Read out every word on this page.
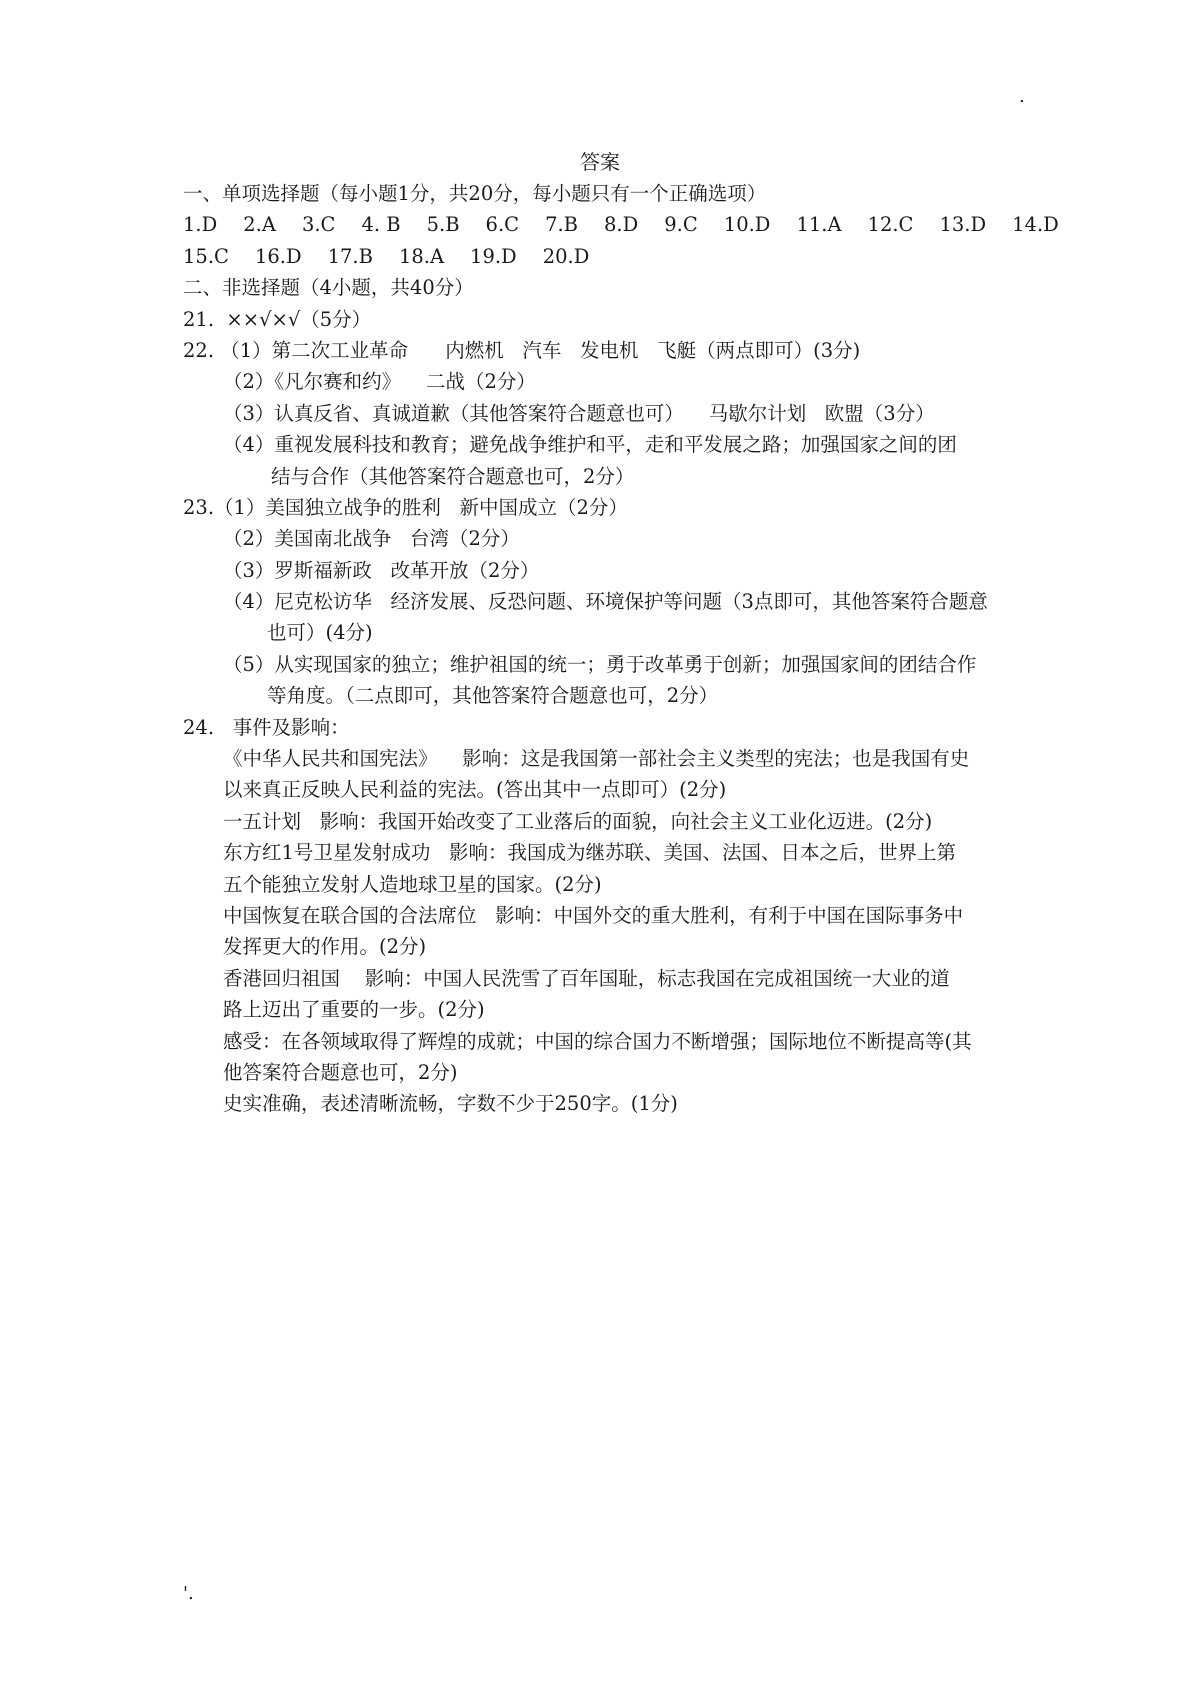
.
答案
一、单项选择题（每小题1分，共20分，每小题只有一个正确选项）
1.D 2.A 3.C 4. B 5.B 6.C 7.B 8.D 9.C 10.D 11.A 12.C 13.D 14.D
15.C 16.D 17.B 18.A 19.D 20.D
二、非选择题（4小题，共40分）
21.  ××√×√（5分）
22. （1）第二次工业革命      内燃机   汽车   发电机   飞艇（两点即可）(3分)
（2）《凡尔赛和约》    二战（2分）
（3）认真反省、真诚道歉（其他答案符合题意也可）    马歇尔计划   欧盟（3分）
（4）重视发展科技和教育；避免战争维护和平，走和平发展之路；加强国家之间的团
结与合作（其他答案符合题意也可，2分）
23.（1）美国独立战争的胜利   新中国成立（2分）
（2）美国南北战争   台湾（2分）
（3）罗斯福新政   改革开放（2分）
（4）尼克松访华   经济发展、反恐问题、环境保护等问题（3点即可，其他答案符合题意
也可）(4分)
（5）从实现国家的独立；维护祖国的统一；勇于改革勇于创新；加强国家间的团结合作
等角度。（二点即可，其他答案符合题意也可，2分）
24.   事件及影响：
《中华人民共和国宪法》    影响：这是我国第一部社会主义类型的宪法；也是我国有史
以来真正反映人民利益的宪法。(答出其中一点即可）(2分)
一五计划   影响：我国开始改变了工业落后的面貌，向社会主义工业化迈进。(2分)
东方红1号卫星发射成功   影响：我国成为继苏联、美国、法国、日本之后，世界上第
五个能独立发射人造地球卫星的国家。(2分)
中国恢复在联合国的合法席位   影响：中国外交的重大胜利，有利于中国在国际事务中
发挥更大的作用。(2分)
香港回归祖国    影响：中国人民洗雪了百年国耻，标志我国在完成祖国统一大业的道
路上迈出了重要的一步。(2分)
感受：在各领域取得了辉煌的成就；中国的综合国力不断增强；国际地位不断提高等(其
他答案符合题意也可，2分)
史实准确，表述清晰流畅，字数不少于250字。(1分)
'.
